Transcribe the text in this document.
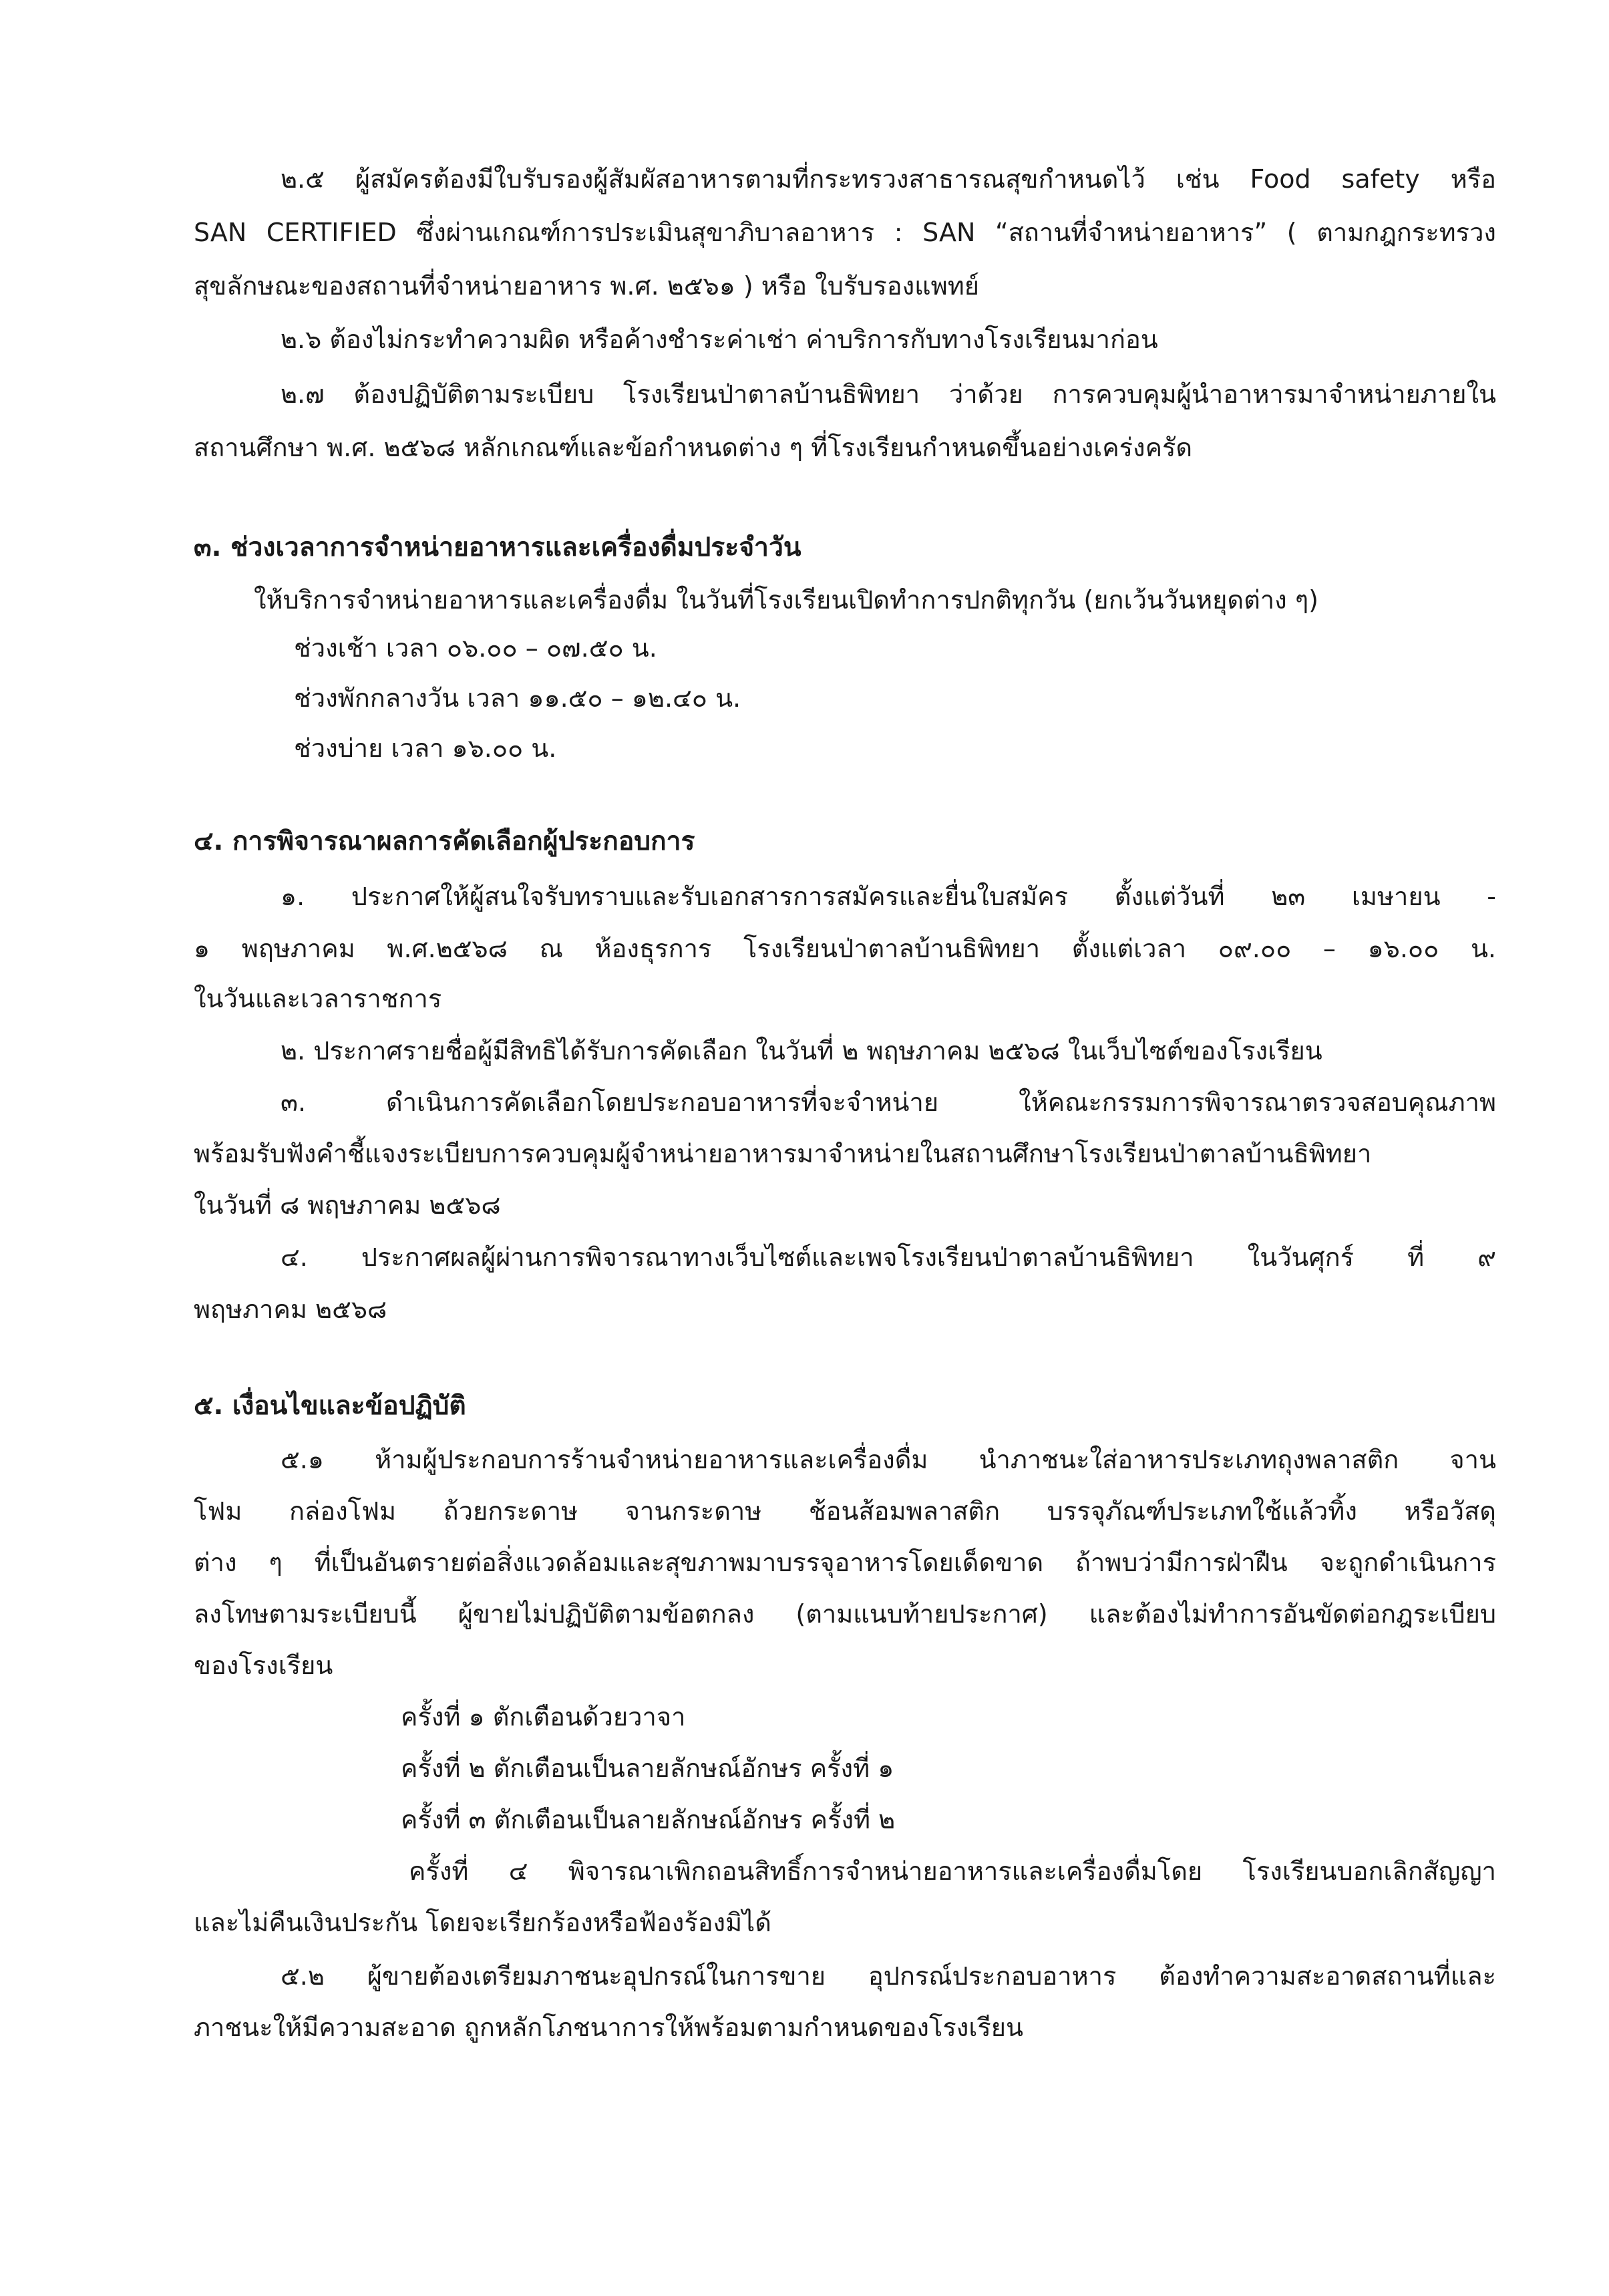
๒.๕ ผู้สมัครต้องมีใบรับรองผู้สัมผัสอาหารตามที่กระทรวงสาธารณสุขกำหนดไว้ เช่น Food safety หรือ

SAN CERTIFIED ซึ่งผ่านเกณฑ์การประเมินสุขาภิบาลอาหาร : SAN “สถานที่จำหน่ายอาหาร” ( ตามกฎกระทรวง

สุขลักษณะของสถานที่จำหน่ายอาหาร พ.ศ. ๒๕๖๑ ) หรือ ใบรับรองแพทย์

๒.๖ ต้องไม่กระทำความผิด หรือค้างชำระค่าเช่า ค่าบริการกับทางโรงเรียนมาก่อน

๒.๗ ต้องปฏิบัติตามระเบียบ โรงเรียนป่าตาลบ้านธิพิทยา ว่าด้วย การควบคุมผู้นำอาหารมาจำหน่ายภายใน

สถานศึกษา พ.ศ. ๒๕๖๘ หลักเกณฑ์และข้อกำหนดต่าง ๆ ที่โรงเรียนกำหนดขึ้นอย่างเคร่งครัด

๓. ช่วงเวลาการจำหน่ายอาหารและเครื่องดื่มประจำวัน

ให้บริการจำหน่ายอาหารและเครื่องดื่ม ในวันที่โรงเรียนเปิดทำการปกติทุกวัน (ยกเว้นวันหยุดต่าง ๆ)

ช่วงเช้า เวลา ๐๖.๐๐ – ๐๗.๕๐ น.

ช่วงพักกลางวัน เวลา ๑๑.๕๐ – ๑๒.๔๐ น.

ช่วงบ่าย เวลา ๑๖.๐๐ น.

๔. การพิจารณาผลการคัดเลือกผู้ประกอบการ

๑. ประกาศให้ผู้สนใจรับทราบและรับเอกสารการสมัครและยื่นใบสมัคร ตั้งแต่วันที่ ๒๓ เมษายน -

๑ พฤษภาคม พ.ศ.๒๕๖๘ ณ ห้องธุรการ โรงเรียนป่าตาลบ้านธิพิทยา ตั้งแต่เวลา ๐๙.๐๐ – ๑๖.๐๐ น.

ในวันและเวลาราชการ

๒. ประกาศรายชื่อผู้มีสิทธิได้รับการคัดเลือก ในวันที่ ๒ พฤษภาคม ๒๕๖๘ ในเว็บไซต์ของโรงเรียน

๓. ดำเนินการคัดเลือกโดยประกอบอาหารที่จะจำหน่าย ให้คณะกรรมการพิจารณาตรวจสอบคุณภาพ

พร้อมรับฟังคำชี้แจงระเบียบการควบคุมผู้จำหน่ายอาหารมาจำหน่ายในสถานศึกษาโรงเรียนป่าตาลบ้านธิพิทยา

ในวันที่ ๘ พฤษภาคม ๒๕๖๘

๔. ประกาศผลผู้ผ่านการพิจารณาทางเว็บไซต์และเพจโรงเรียนป่าตาลบ้านธิพิทยา ในวันศุกร์ ที่ ๙

พฤษภาคม ๒๕๖๘

๕. เงื่อนไขและข้อปฏิบัติ

๕.๑ ห้ามผู้ประกอบการร้านจำหน่ายอาหารและเครื่องดื่ม นำภาชนะใส่อาหารประเภทถุงพลาสติก จาน

โฟม กล่องโฟม ถ้วยกระดาษ จานกระดาษ ช้อนส้อมพลาสติก บรรจุภัณฑ์ประเภทใช้แล้วทิ้ง หรือวัสดุ

ต่าง ๆ ที่เป็นอันตรายต่อสิ่งแวดล้อมและสุขภาพมาบรรจุอาหารโดยเด็ดขาด ถ้าพบว่ามีการฝ่าฝืน จะถูกดำเนินการ

ลงโทษตามระเบียบนี้ ผู้ขายไม่ปฏิบัติตามข้อตกลง (ตามแนบท้ายประกาศ) และต้องไม่ทำการอันขัดต่อกฎระเบียบ

ของโรงเรียน

ครั้งที่ ๑ ตักเตือนด้วยวาจา

ครั้งที่ ๒ ตักเตือนเป็นลายลักษณ์อักษร ครั้งที่ ๑

ครั้งที่ ๓ ตักเตือนเป็นลายลักษณ์อักษร ครั้งที่ ๒

ครั้งที่ ๔ พิจารณาเพิกถอนสิทธิ์การจำหน่ายอาหารและเครื่องดื่มโดย โรงเรียนบอกเลิกสัญญา

และไม่คืนเงินประกัน โดยจะเรียกร้องหรือฟ้องร้องมิได้

๕.๒ ผู้ขายต้องเตรียมภาชนะอุปกรณ์ในการขาย อุปกรณ์ประกอบอาหาร ต้องทำความสะอาดสถานที่และ

ภาชนะให้มีความสะอาด ถูกหลักโภชนาการให้พร้อมตามกำหนดของโรงเรียน
